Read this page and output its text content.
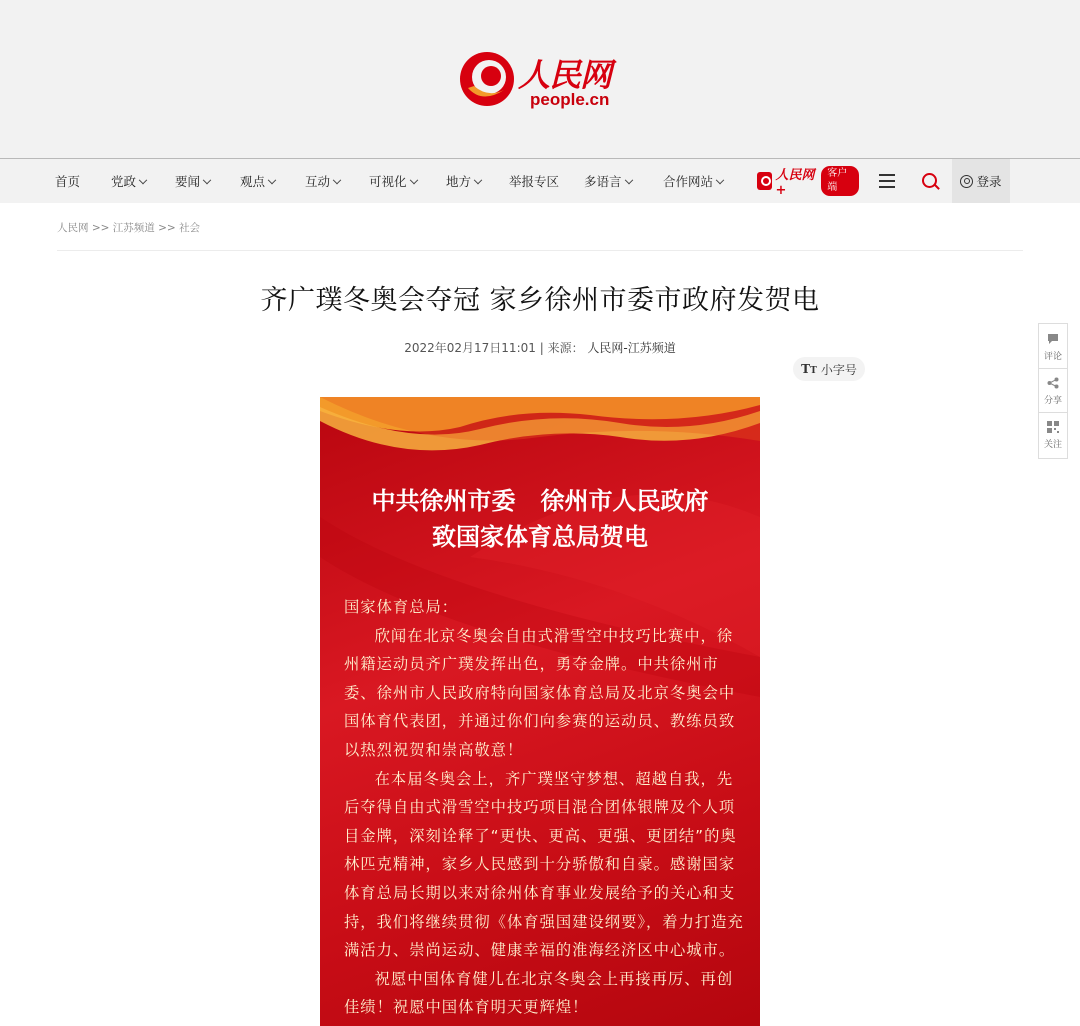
人民网
people.cn
首页 党政	要闻	观点	互动	可视化	地方	举报专区 多语言	合作网站	人民网+
客户端	登录
人民网 >> 江苏频道 >> 社会
齐广璞冬奥会夺冠 家乡徐州市委市政府发贺电
2022年02月17日11:01 | 来源： 人民网-江苏频道
TT 小字号
评论
分享
关注
中共徐州市委   徐州市人民政府
致国家体育总局贺电

国家体育总局：

欣闻在北京冬奥会自由式滑雪空中技巧比赛中，徐州籍运动员齐广璞发挥出色，勇夺金牌。中共徐州市委、徐州市人民政府特向国家体育总局及北京冬奥会中国体育代表团，并通过你们向参赛的运动员、教练员致以热烈祝贺和崇高敬意！

在本届冬奥会上，齐广璞坚守梦想、超越自我，先后夺得自由式滑雪空中技巧项目混合团体银牌及个人项目金牌，深刻诠释了“更快、更高、更强、更团结”的奥林匹克精神，家乡人民感到十分骄傲和自豪。感谢国家体育总局长期以来对徐州体育事业发展给予的关心和支持，我们将继续贯彻《体育强国建设纲要》，着力打造充满活力、崇尚运动、健康幸福的淮海经济区中心城市。

祝愿中国体育健儿在北京冬奥会上再接再厉、再创佳绩！祝愿中国体育明天更辉煌！
